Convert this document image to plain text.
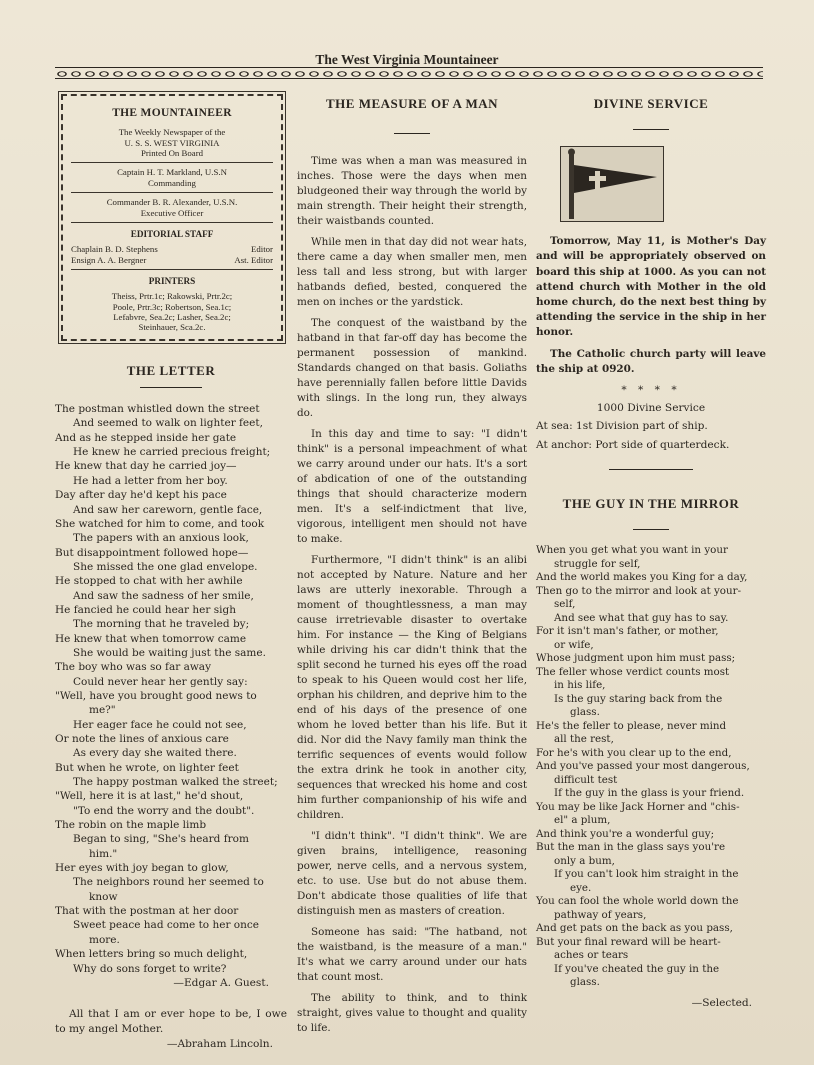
The West Virginia Mountaineer
THE MOUNTAINEER

The Weekly Newspaper of the

U. S. S. WEST VIRGINIA

Printed On Board

Captain H. T. Markland, U.S.N

Commanding

Commander B. R. Alexander, U.S.N.

Executive Officer

EDITORIAL STAFF
Chaplain B. D. Stephens	Editor
Ensign A. A. Bergner	Ast. Editor
PRINTERS

Theiss, Prtr.1c; Rakowski, Prtr.2c;

Poole, Prtr.3c; Robertson, Sea.1c;

Lefabvre, Sea.2c; Lasher, Sea.2c;

Steinhauer, Sca.2c.

THE LETTER

The postman whistled down the street

And seemed to walk on lighter feet,

And as he stepped inside her gate

He knew he carried precious freight;

He knew that day he carried joy—

He had a letter from her boy.

Day after day he'd kept his pace

And saw her careworn, gentle face,

She watched for him to come, and took

The papers with an anxious look,

But disappointment followed hope—

She missed the one glad envelope.

He stopped to chat with her awhile

And saw the sadness of her smile,

He fancied he could hear her sigh

The morning that he traveled by;

He knew that when tomorrow came

She would be waiting just the same.

The boy who was so far away

Could never hear her gently say:

"Well, have you brought good news to

me?"

Her eager face he could not see,

Or note the lines of anxious care

As every day she waited there.

But when he wrote, on lighter feet

The happy postman walked the street;

"Well, here it is at last," he'd shout,

"To end the worry and the doubt".

The robin on the maple limb

Began to sing, "She's heard from

him."

Her eyes with joy began to glow,

The neighbors round her seemed to

know

That with the postman at her door

Sweet peace had come to her once

more.

When letters bring so much delight,

Why do sons forget to write?

—Edgar A. Guest.

All that I am or ever hope to be, I owe to my angel Mother.

—Abraham Lincoln.

THE MEASURE OF A MAN

Time was when a man was measured in inches. Those were the days when men bludgeoned their way through the world by main strength. Their height their strength, their waistbands counted.

While men in that day did not wear hats, there came a day when smaller men, men less tall and less strong, but with larger hatbands defied, bested, conquered the men on inches or the yardstick.

The conquest of the waistband by the hatband in that far-off day has become the permanent possession of mankind. Standards changed on that basis. Goliaths have perennially fallen before little Davids with slings. In the long run, they always do.

In this day and time to say: "I didn't think" is a personal impeachment of what we carry around under our hats. It's a sort of abdication of one of the outstanding things that should characterize modern men. It's a self-indictment that live, vigorous, intelligent men should not have to make.

Furthermore, "I didn't think" is an alibi not accepted by Nature. Nature and her laws are utterly inexorable. Through a moment of thoughtlessness, a man may cause irretrievable disaster to overtake him. For instance — the King of Belgians while driving his car didn't think that the split second he turned his eyes off the road to speak to his Queen would cost her life, orphan his children, and deprive him to the end of his days of the presence of one whom he loved better than his life. But it did. Nor did the Navy family man think the terrific sequences of events would follow the extra drink he took in another city, sequences that wrecked his home and cost him further companionship of his wife and children.

"I didn't think". "I didn't think". We are given brains, intelligence, reasoning power, nerve cells, and a nervous system, etc. to use. Use but do not abuse them. Don't abdicate those qualities of life that distinguish men as masters of creation.

Someone has said: "The hatband, not the waistband, is the measure of a man." It's what we carry around under our hats that count most.

The ability to think, and to think straight, gives value to thought and quality to life.

DIVINE SERVICE

Tomorrow, May 11, is Mother's Day and will be appropriately observed on board this ship at 1000. As you can not attend church with Mother in the old home church, do the next best thing by attending the service in the ship in her honor.

The Catholic church party will leave the ship at 0920.

* * * *

1000 Divine Service

At sea: 1st Division part of ship.

At anchor: Port side of quarterdeck.

THE GUY IN THE MIRROR

When you get what you want in your

struggle for self,

And the world makes you King for a day,

Then go to the mirror and look at your-

self,

And see what that guy has to say.

For it isn't man's father, or mother,

or wife,

Whose judgment upon him must pass;

The feller whose verdict counts most

in his life,

Is the guy staring back from the

glass.

He's the feller to please, never mind

all the rest,

For he's with you clear up to the end,

And you've passed your most dangerous,

difficult test

If the guy in the glass is your friend.

You may be like Jack Horner and "chis-

el" a plum,

And think you're a wonderful guy;

But the man in the glass says you're

only a bum,

If you can't look him straight in the

eye.

You can fool the whole world down the

pathway of years,

And get pats on the back as you pass,

But your final reward will be heart-

aches or tears

If you've cheated the guy in the

glass.

—Selected.
